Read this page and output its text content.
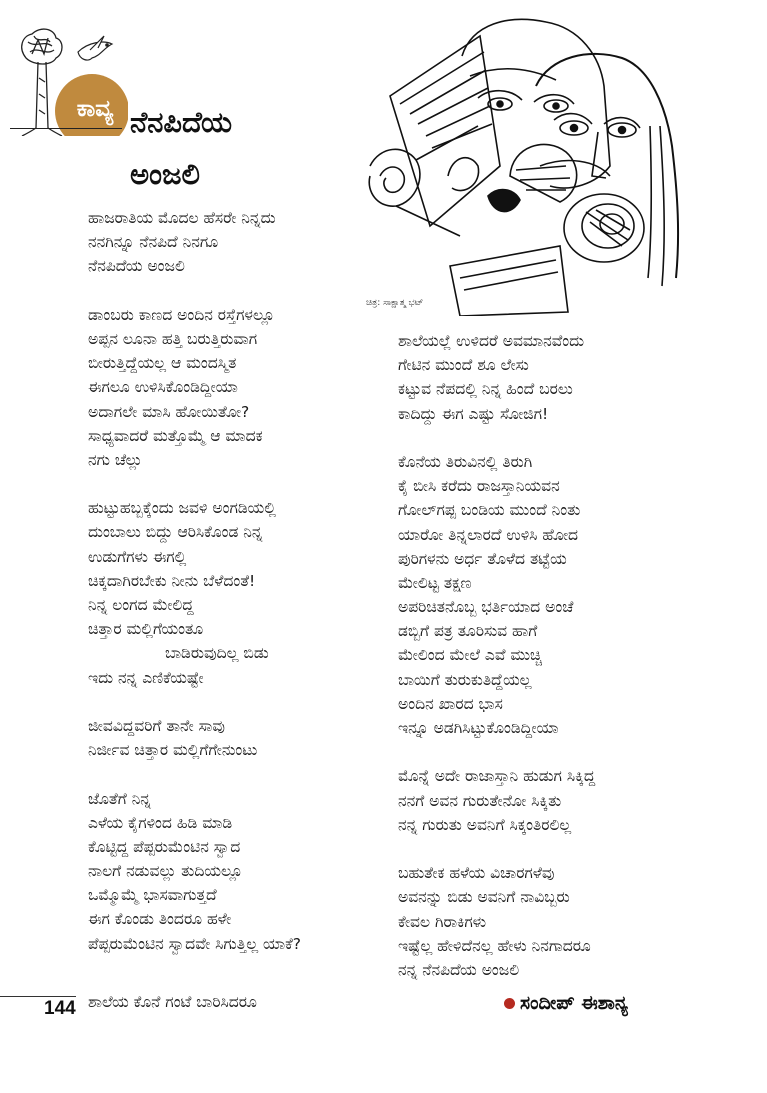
ಕಾವ್ಯ ನೆನಪಿದೆಯ
ಅಂಜಲಿ
ಚಿತ್ರ: ಸಾಕ್ಷಾತ್ಮ ಭಟ್
ಹಾಜರಾತಿಯ ಮೊದಲ ಹೆಸರೇ ನಿನ್ನದು
ನನಗಿನ್ನೂ ನೆನಪಿದೆ ನಿನಗೂ
ನೆನಪಿದೆಯ ಅಂಜಲಿ
ಡಾಂಬರು ಕಾಣದ ಅಂದಿನ ರಸ್ತೆಗಳಲ್ಲೂ
ಅಪ್ಪನ ಲೂನಾ ಹತ್ತಿ ಬರುತ್ತಿರುವಾಗ
ಬೀರುತ್ತಿದ್ದೆಯಲ್ಲ ಆ ಮಂದಸ್ಮಿತ
ಈಗಲೂ ಉಳಿಸಿಕೊಂಡಿದ್ದೀಯಾ
ಅದಾಗಲೇ ಮಾಸಿ ಹೋಯಿತೋ?
ಸಾಧ್ಯವಾದರೆ ಮತ್ತೊಮ್ಮೆ ಆ ಮಾದಕ
ನಗು ಚೆಲ್ಲು
ಹುಟ್ಟುಹಬ್ಬಕ್ಕೆಂದು ಜವಳಿ ಅಂಗಡಿಯಲ್ಲಿ
ದುಂಬಾಲು ಬಿದ್ದು ಆರಿಸಿಕೊಂಡ ನಿನ್ನ
ಉಡುಗೆಗಳು ಈಗಲ್ಲಿ
ಚಿಕ್ಕದಾಗಿರಬೇಕು ನೀನು ಬೆಳೆದಂತೆ!
ನಿನ್ನ ಲಂಗದ ಮೇಲಿದ್ದ
ಚಿತ್ತಾರ ಮಲ್ಲಿಗೆಯಂತೂ
ಬಾಡಿರುವುದಿಲ್ಲ ಬಿಡು
ಇದು ನನ್ನ ಎಣಿಕೆಯಷ್ಟೇ
ಜೀವವಿದ್ದವರಿಗೆ ತಾನೇ ಸಾವು
ನಿರ್ಜೀವ ಚಿತ್ತಾರ ಮಲ್ಲಿಗೆಗೇನುಂಟು
ಜೊತೆಗೆ ನಿನ್ನ
ಎಳೆಯ ಕೈಗಳಿಂದ ಹಿಡಿ ಮಾಡಿ
ಕೊಟ್ಟಿದ್ದ ಪೆಪ್ಪರುಮೆಂಟಿನ ಸ್ವಾದ
ನಾಲಗೆ ನಡುವಲ್ಲು ತುದಿಯಲ್ಲೂ
ಒಮ್ಮೊಮ್ಮೆ ಭಾಸವಾಗುತ್ತದೆ
ಈಗ ಕೊಂಡು ತಿಂದರೂ ಹಳೇ
ಪೆಪ್ಪರುಮೆಂಟಿನ ಸ್ವಾದವೇ ಸಿಗುತ್ತಿಲ್ಲ ಯಾಕೆ?
ಶಾಲೆಯ ಕೊನೆ ಗಂಟೆ ಬಾರಿಸಿದರೂ
ಶಾಲೆಯಲ್ಲೆ ಉಳಿದರೆ ಅವಮಾನವೆಂದು
ಗೇಟಿನ ಮುಂದೆ ಶೂ ಲೇಸು
ಕಟ್ಟುವ ನೆಪದಲ್ಲಿ ನಿನ್ನ ಹಿಂದೆ ಬರಲು
ಕಾದಿದ್ದು ಈಗ ಎಷ್ಟು ಸೋಜಿಗ!
ಕೊನೆಯ ತಿರುವಿನಲ್ಲಿ ತಿರುಗಿ
ಕೈ ಬೀಸಿ ಕರೆದು ರಾಜಸ್ತಾನಿಯವನ
ಗೋಲ್‌ಗಪ್ಪ ಬಂಡಿಯ ಮುಂದೆ ನಿಂತು
ಯಾರೋ ತಿನ್ನಲಾರದೆ ಉಳಿಸಿ ಹೋದ
ಪುರಿಗಳನು ಅರ್ಧ ತೊಳೆದ ತಟ್ಟೆಯ
ಮೇಲಿಟ್ಟ ತಕ್ಷಣ
ಅಪರಿಚಿತನೊಬ್ಬ ಭರ್ತಿಯಾದ ಅಂಚೆ
ಡಬ್ಬಿಗೆ ಪತ್ರ ತೂರಿಸುವ ಹಾಗೆ
ಮೇಲಿಂದ ಮೇಲೆ ಎವೆ ಮುಚ್ಚಿ
ಬಾಯಿಗೆ ತುರುಕುತಿದ್ದೆಯಲ್ಲ
ಅಂದಿನ ಖಾರದ ಭಾಸ
ಇನ್ನೂ ಅಡಗಿಸಿಟ್ಟುಕೊಂಡಿದ್ದೀಯಾ
ಮೊನ್ನೆ ಅದೇ ರಾಜಾಸ್ತಾನಿ ಹುಡುಗ ಸಿಕ್ಕಿದ್ದ
ನನಗೆ ಅವನ ಗುರುತೇನೋ ಸಿಕ್ಕಿತು
ನನ್ನ ಗುರುತು ಅವನಿಗೆ ಸಿಕ್ಕಂತಿರಲಿಲ್ಲ
ಬಹುತೇಕ ಹಳೆಯ ವಿಚಾರಗಳೆವು
ಅವನನ್ನು ಬಿಡು ಅವನಿಗೆ ನಾವಿಬ್ಬರು
ಕೇವಲ ಗಿರಾಕಿಗಳು
ಇಷ್ಟೆಲ್ಲ ಹೇಳಿದೆನಲ್ಲ ಹೇಳು ನಿನಗಾದರೂ
ನನ್ನ ನೆನಪಿದೆಯ ಅಂಜಲಿ
ಸಂದೀಪ್ ಈಶಾನ್ಯ
144
